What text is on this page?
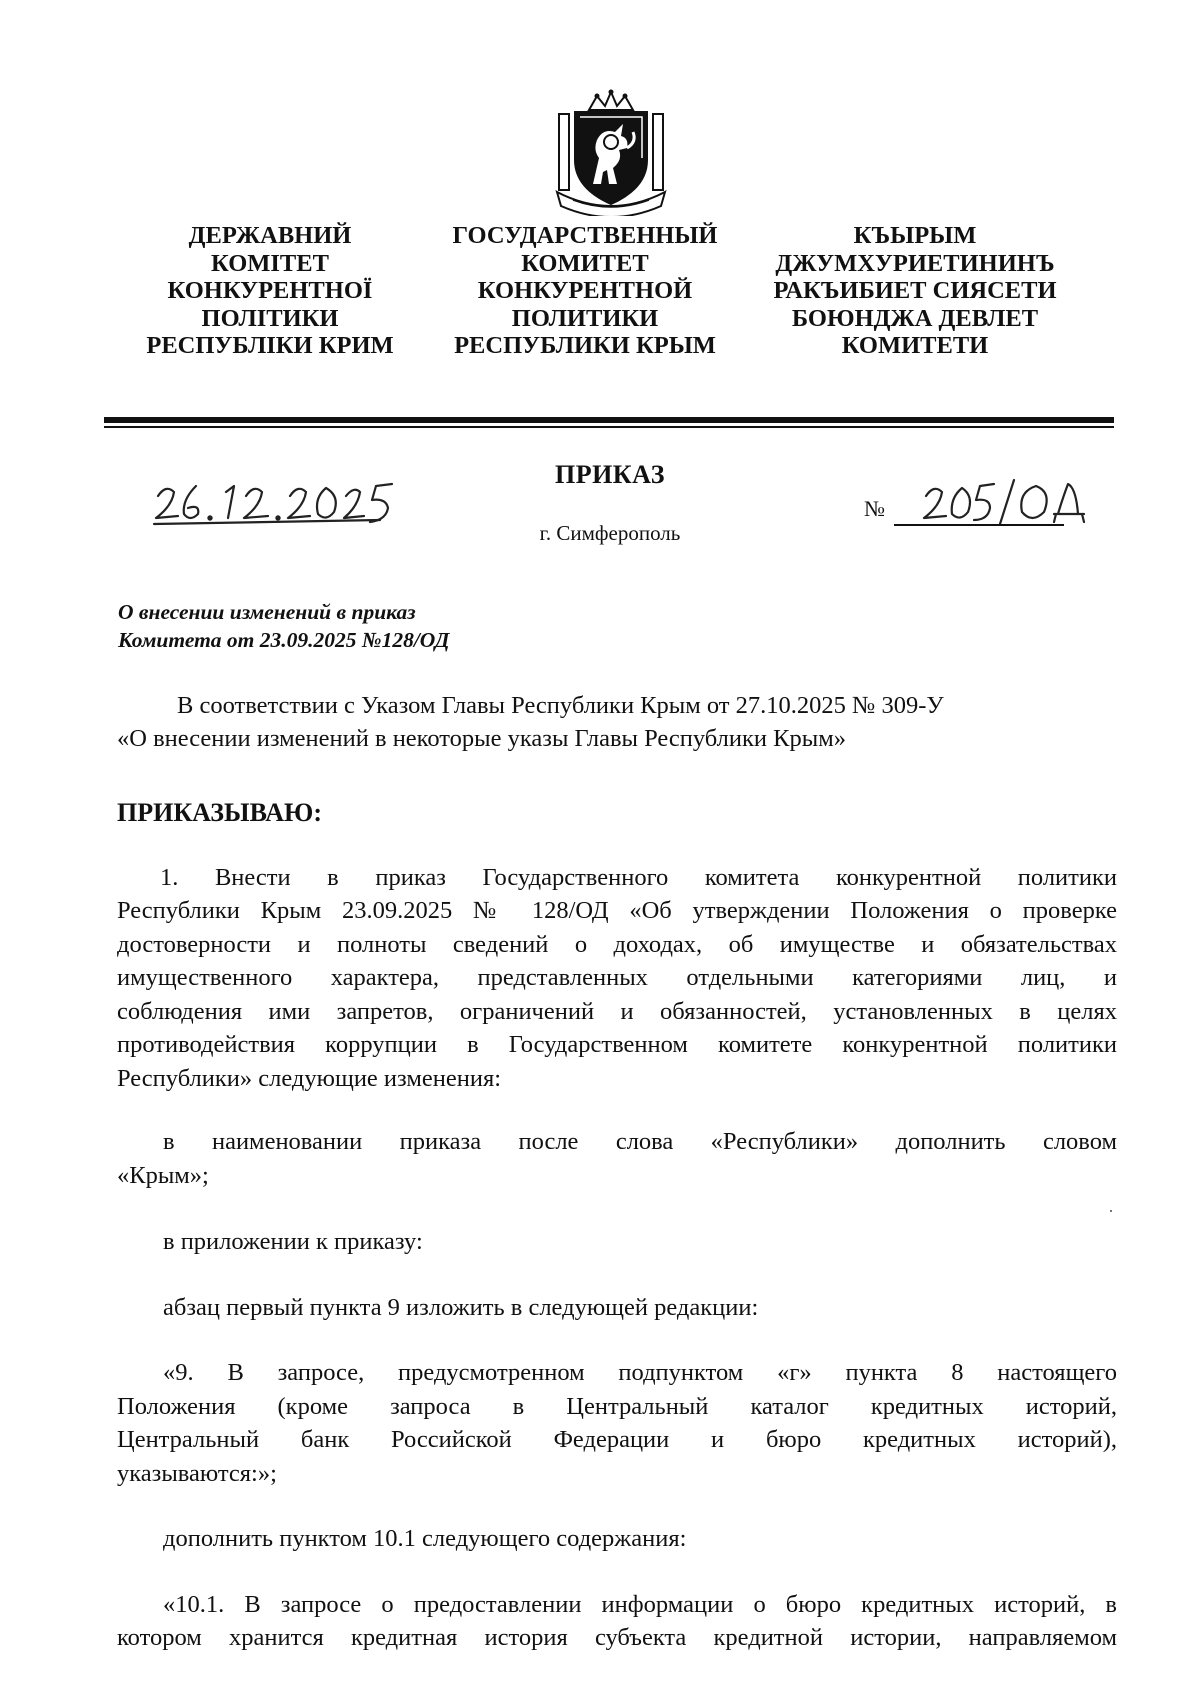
ДЕРЖАВНИЙ
КОМІТЕТ
КОНКУРЕНТНОЇ
ПОЛІТИКИ
РЕСПУБЛІКИ КРИМ
ГОСУДАРСТВЕННЫЙ
КОМИТЕТ
КОНКУРЕНТНОЙ
ПОЛИТИКИ
РЕСПУБЛИКИ КРЫМ
КЪЫРЫМ
ДЖУМХУРИЕТИНИНЪ
РАКЪИБИЕТ СИЯСЕТИ
БОЮНДЖА ДЕВЛЕТ
КОМИТЕТИ
ПРИКАЗ
г. Симферополь
№
О внесении изменений в приказ
Комитета от 23.09.2025 №128/ОД
В соответствии с Указом Главы Республики Крым от 27.10.2025 № 309-У
«О внесении изменений в некоторые указы Главы Республики Крым»
ПРИКАЗЫВАЮ:
1. Внести в приказ Государственного комитета конкурентной политики
Республики Крым 23.09.2025 № 128/ОД «Об утверждении Положения о проверке
достоверности и полноты сведений о доходах, об имуществе и обязательствах
имущественного характера, представленных отдельными категориями лиц, и
соблюдения ими запретов, ограничений и обязанностей, установленных в целях
противодействия коррупции в Государственном комитете конкурентной политики
Республики» следующие изменения:
в наименовании приказа после слова «Республики» дополнить словом
«Крым»;
в приложении к приказу:
абзац первый пункта 9 изложить в следующей редакции:
«9. В запросе, предусмотренном подпунктом «г» пункта 8 настоящего
Положения (кроме запроса в Центральный каталог кредитных историй,
Центральный банк Российской Федерации и бюро кредитных историй),
указываются:»;
дополнить пунктом 10.1 следующего содержания:
«10.1. В запросе о предоставлении информации о бюро кредитных историй, в
котором хранится кредитная история субъекта кредитной истории, направляемом
